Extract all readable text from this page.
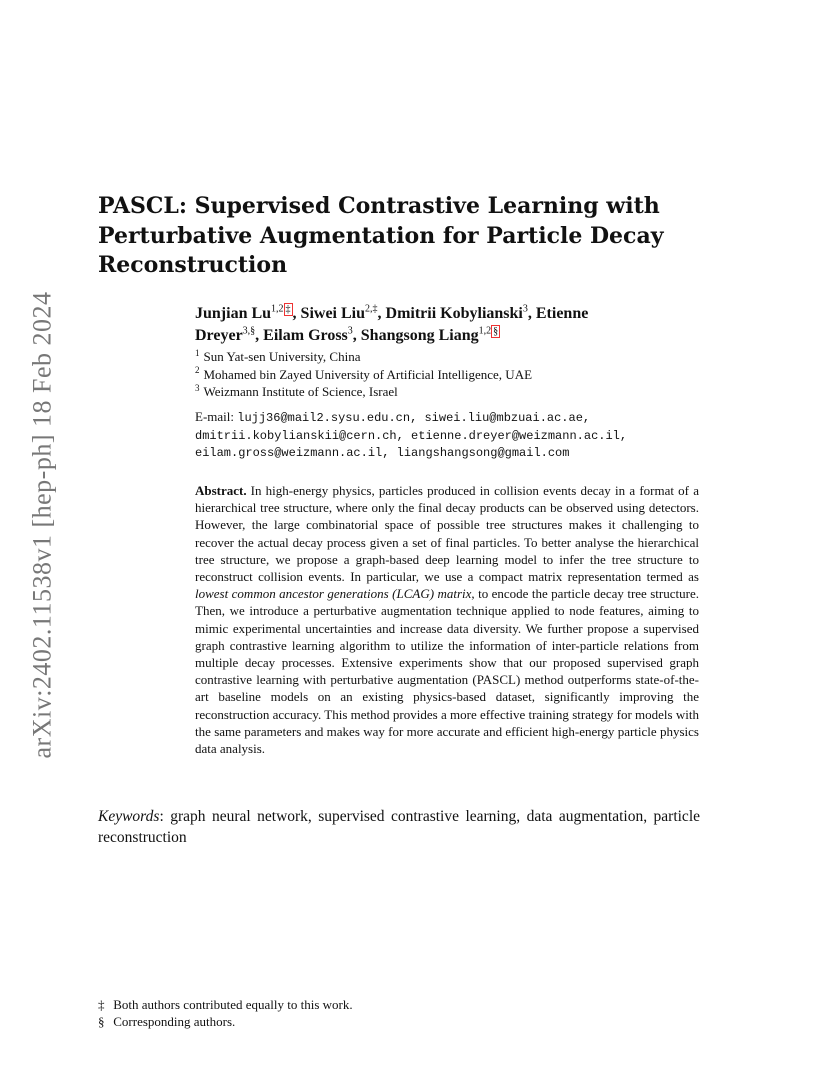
arXiv:2402.11538v1 [hep-ph] 18 Feb 2024
PASCL: Supervised Contrastive Learning with
Perturbative Augmentation for Particle Decay
Reconstruction
Junjian Lu$^{1,2}$ ‡ , Siwei Liu$^{2,\ddagger}$, Dmitrii Kobylianski$^3$, Etienne
Dreyer$^{3,\S}$, Eilam Gross$^3$, Shangsong Liang$^{1,2}$ §
$^1$ Sun Yat-sen University, China
$^2$ Mohamed bin Zayed University of Artificial Intelligence, UAE
$^3$ Weizmann Institute of Science, Israel
E-mail: lujj36@mail2.sysu.edu.cn, siwei.liu@mbzuai.ac.ae,
dmitrii.kobylianskii@cern.ch, etienne.dreyer@weizmann.ac.il,
eilam.gross@weizmann.ac.il, liangshangsong@gmail.com

Abstract. In high-energy physics, particles produced in collision events decay in a format of a hierarchical tree structure, where only the final decay products can be observed using detectors. However, the large combinatorial space of possible tree structures makes it challenging to recover the actual decay process given a set of final particles. To better analyse the hierarchical tree structure, we propose a graph-based deep learning model to infer the tree structure to reconstruct collision events. In particular, we use a compact matrix representation termed as lowest common ancestor generations (LCAG) matrix, to encode the particle decay tree structure. Then, we introduce a perturbative augmentation technique applied to node features, aiming to mimic experimental uncertainties and increase data diversity. We further propose a supervised graph contrastive learning algorithm to utilize the information of inter-particle relations from multiple decay processes. Extensive experiments show that our proposed supervised graph contrastive learning with perturbative augmentation (PASCL) method outperforms state-of-the-art baseline models on an existing physics-based dataset, significantly improving the reconstruction accuracy. This method provides a more effective training strategy for models with the same parameters and makes way for more accurate and efficient high-energy particle physics data analysis.

Keywords: graph neural network, supervised contrastive learning, data augmentation, particle reconstruction
‡ Both authors contributed equally to this work.
§ Corresponding authors.
